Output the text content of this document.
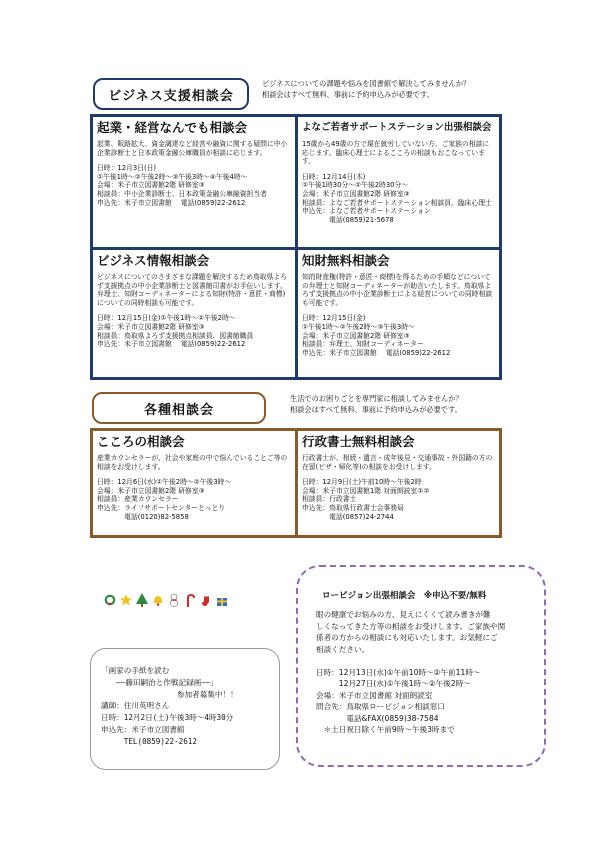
ビジネス支援相談会
ビジネスについての課題や悩みを図書館で解決してみませんか？
相談会はすべて無料、事前に予約申込みが必要です。
起業・経営なんでも相談会
起業、販路拡大、資金調達など経営や融資に関する疑問に中小企業診断士と日本政策金融公庫職員が相談に応じます。
日時：12月3日(日)
①午後1時〜②午後2時〜③午後3時〜④午後4時〜
会場：米子市立図書館2階 研修室③
相談員：中小企業診断士、日本政策金融公庫融資担当者
申込先：米子市立図書館　 電話(0859)22-2612
よなご若者サポートステーション出張相談会
15歳から49歳の方で現在就労していない方、ご家族の相談に応じます。臨床心理士によるこころの相談もおこなっています。
日時：12月14日(木)
①午後1時30分〜②午後2時30分〜
会場：米子市立図書館2階 研修室③
相談員：よなご若者サポートステーション相談員、臨床心理士
申込先：よなご若者サポートステーション
　　　　電話(0859)21-5678
ビジネス情報相談会
ビジネスについてのさまざまな課題を解決するため鳥取県よろず支援拠点の中小企業診断士と図書館司書がお手伝いします。弁理士、知財コーディネーターによる知財(特許・意匠・商標)についての同時相談も可能です。
日時：12月15日(金)①午後1時〜②午後2時〜
会場：米子市立図書館2階 研修室③
相談員：鳥取県よろず支援拠点相談員、図書館職員
申込先：米子市立図書館　 電話(0859)22-2612
知財無料相談会
知的財産権(特許・意匠・商標)を得るための手順などについての弁理士と知財コーディネーターが助言いたします。鳥取県よろず支援拠点の中小企業診断士による経営についての同時相談も可能です。
日時：12月15日(金)
①午後1時〜②午後2時〜③午後3時〜
会場：米子市立図書館2階 研修室③
相談員：弁理士、知財コーディネーター
申込先：米子市立図書館　 電話(0859)22-2612
各種相談会
生活でのお困りごとを専門家に相談してみませんか？
相談会はすべて無料、事前に予約申込みが必要です。
こころの相談会
産業カウンセラーが、社会や家庭の中で悩んでいることご等の相談をお受けします。
日時：12月6日(水)①午後2時〜②午後3時〜
会場：米子市立図書館2階 研修室③
相談員：産業カウンセラー
申込先：ライフサポートセンターとっとり
　　　　電話(0120)82-5858
行政書士無料相談会
行政書士が、相続・遺言・成年後見・交通事故・外国籍の方の在留(ビザ・帰化等)の相談をお受けします。
日時：12月9日(土)午前10時〜午後2時
会場：米子市立図書館1階 対面朗読室①②
相談員：行政書士
申込先：鳥取県行政書士会事務局
　　　　電話(0857)24-2744
「画家の手紙を読む
　　――藤田嗣治と作戦記録画――」
　　　　　　　　　　参加者募集中！！
講師：住川英明さん
日時：12月2日(土)午後3時〜4時30分
申込先：米子市立図書館
　　　TEL(0859)22-2612
ロービジョン出張相談会　※申込不要/無料
眼の健康でお悩みの方、見えにくくて読み書きが難
しくなってきた方等の相談をお受けします。ご家族や関
係者の方からの相談にも対応いたします。お気軽にご
相談ください。

日時：12月13日(水)①午前10時〜②午前11時〜
　　　12月27日(水)①午後1時〜②午後2時〜
会場：米子市立図書館 対面朗読室
問合先：鳥取県ロービジョン相談窓口
　　　　電話&FAX(0859)38-7584
　＊土日祝日除く午前9時〜午後3時まで
